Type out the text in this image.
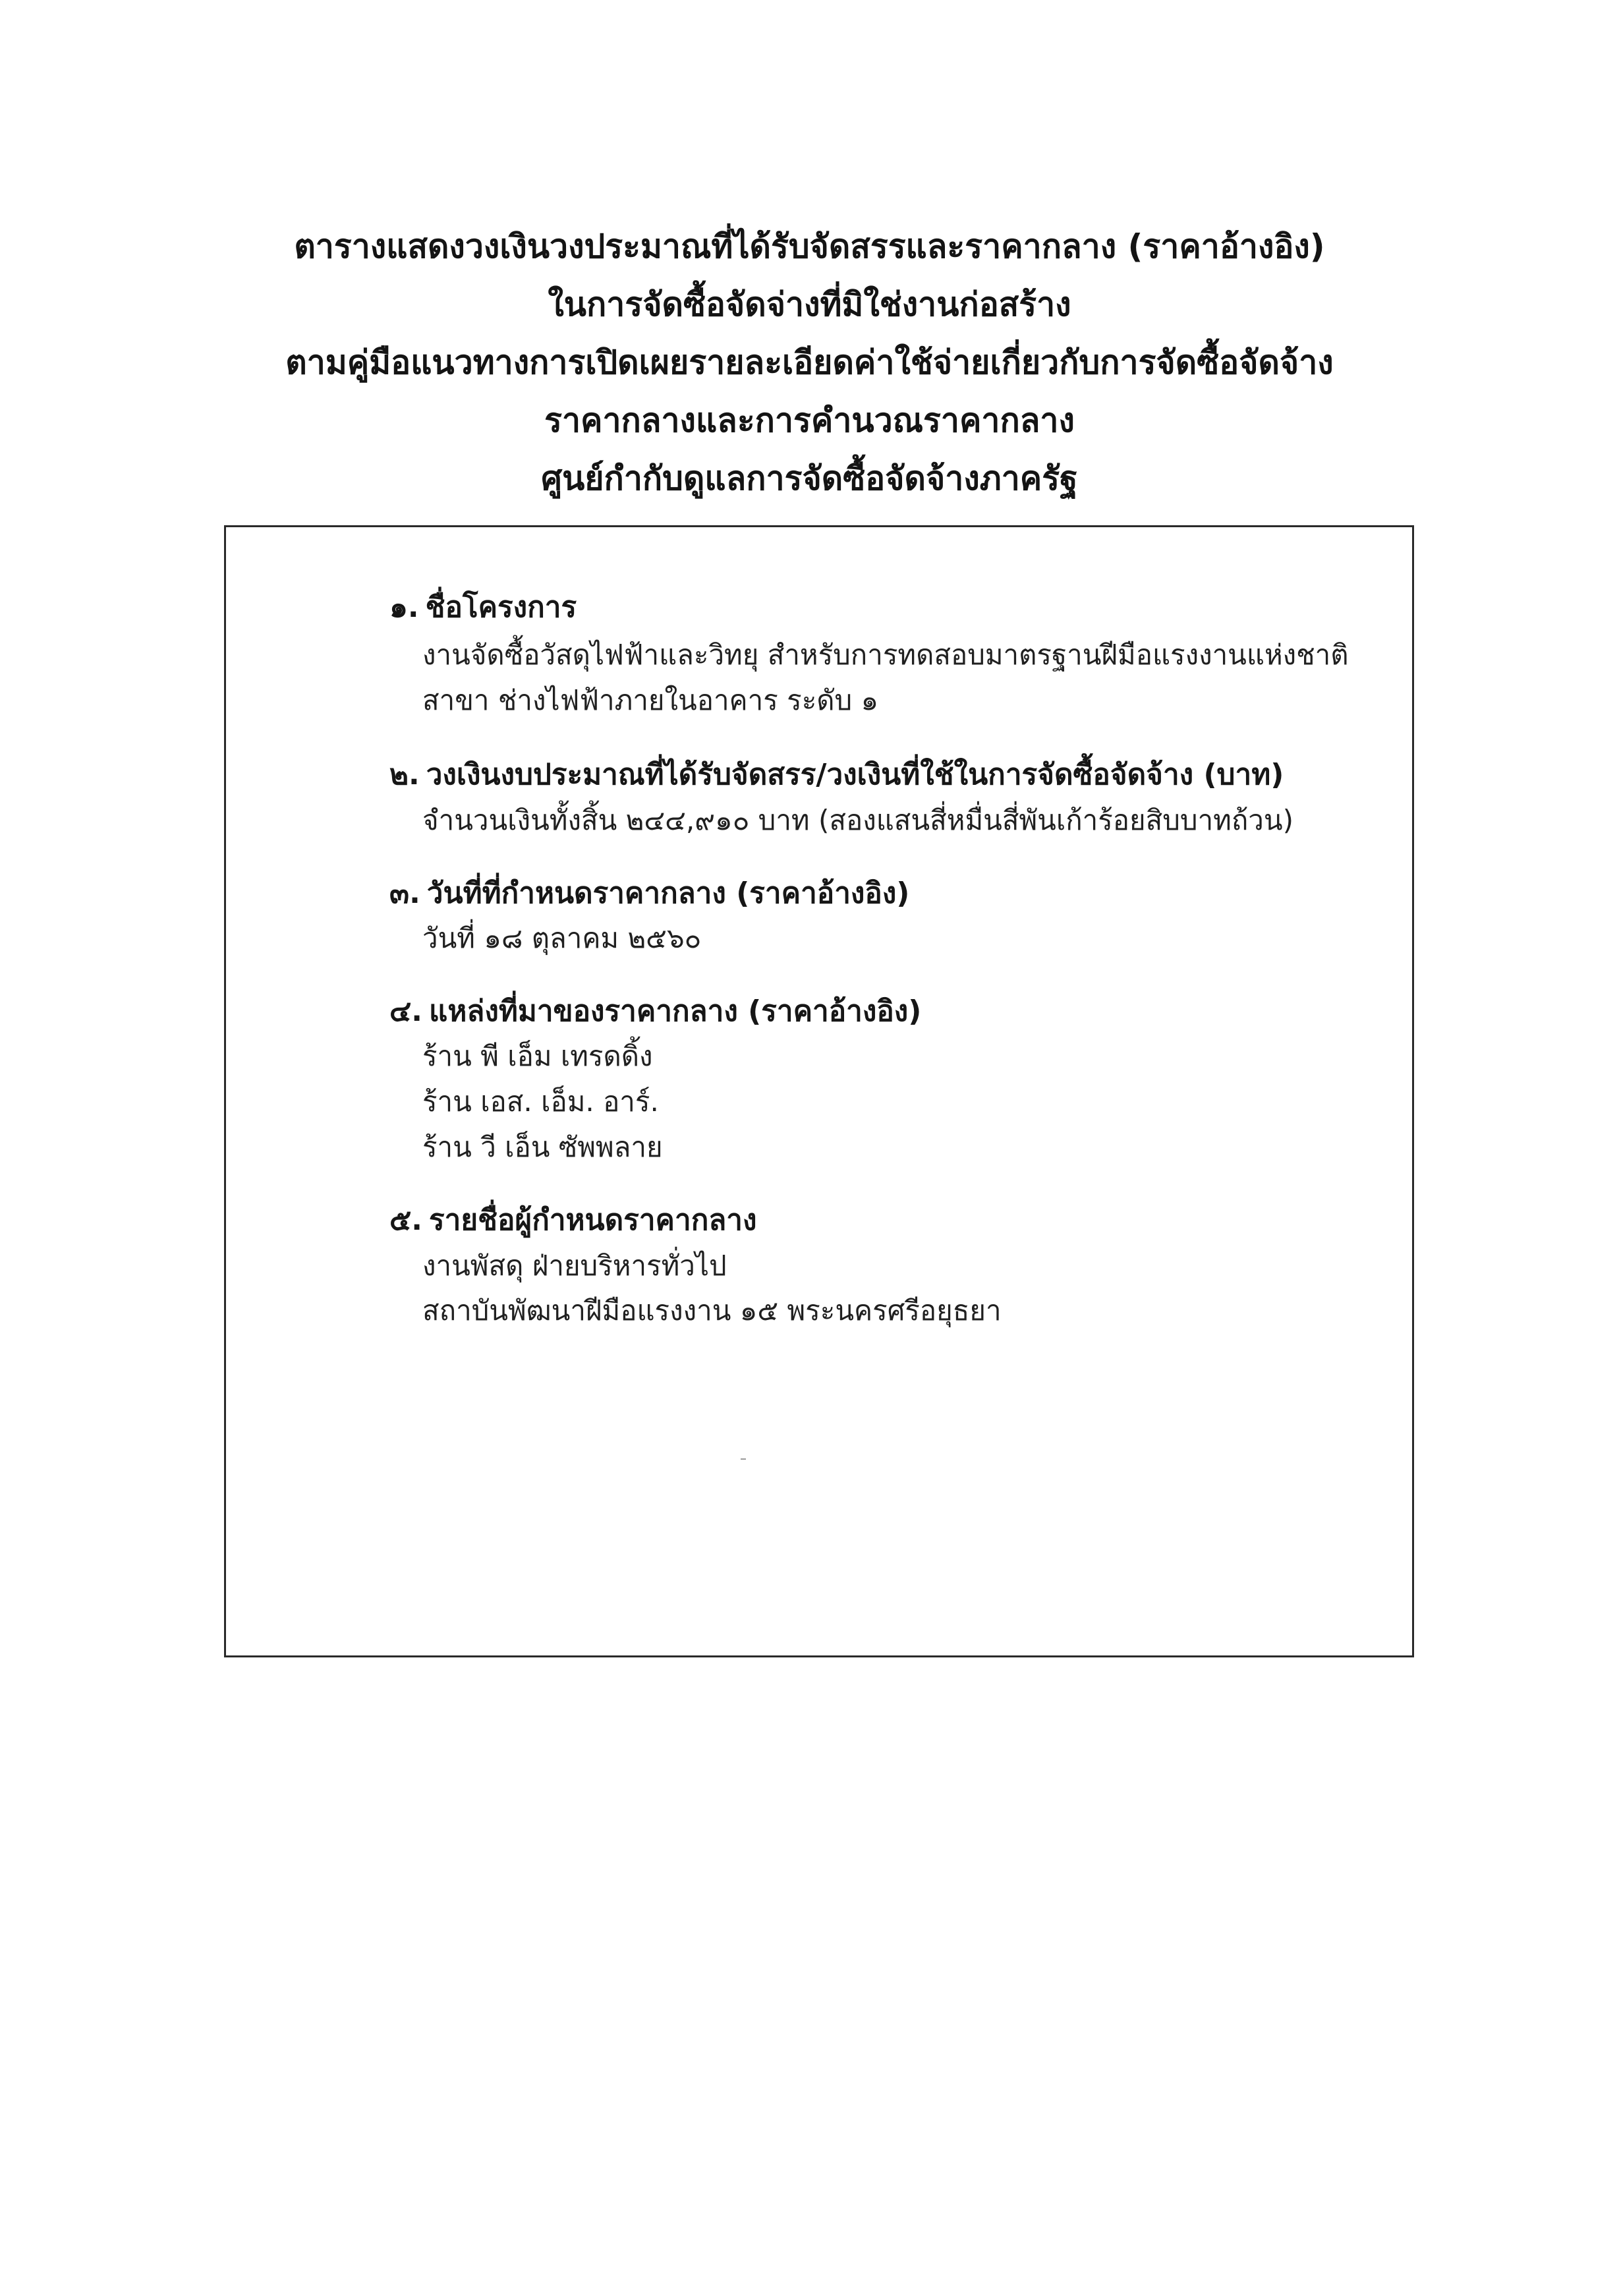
ตารางแสดงวงเงินวงประมาณที่ได้รับจัดสรรและราคากลาง (ราคาอ้างอิง)
ในการจัดซื้อจัดจ่างที่มิใช่งานก่อสร้าง
ตามคู่มือแนวทางการเปิดเผยรายละเอียดค่าใช้จ่ายเกี่ยวกับการจัดซื้อจัดจ้าง
ราคากลางและการคำนวณราคากลาง
ศูนย์กำกับดูแลการจัดซื้อจัดจ้างภาครัฐ
๑. ชื่อโครงการ
งานจัดซื้อวัสดุไฟฟ้าและวิทยุ สำหรับการทดสอบมาตรฐานฝีมือแรงงานแห่งชาติ
สาขา ช่างไฟฟ้าภายในอาคาร ระดับ ๑
๒. วงเงินงบประมาณที่ได้รับจัดสรร/วงเงินที่ใช้ในการจัดซื้อจัดจ้าง (บาท)
จำนวนเงินทั้งสิ้น ๒๔๔,๙๑๐ บาท (สองแสนสี่หมื่นสี่พันเก้าร้อยสิบบาทถ้วน)
๓. วันที่ที่กำหนดราคากลาง (ราคาอ้างอิง)
วันที่ ๑๘ ตุลาคม ๒๕๖๐
๔. แหล่งที่มาของราคากลาง (ราคาอ้างอิง)
ร้าน พี เอ็ม เทรดดิ้ง
ร้าน เอส. เอ็ม. อาร์.
ร้าน วี เอ็น ซัพพลาย
๕. รายชื่อผู้กำหนดราคากลาง
งานพัสดุ ฝ่ายบริหารทั่วไป
สถาบันพัฒนาฝีมือแรงงาน ๑๕ พระนครศรีอยุธยา
